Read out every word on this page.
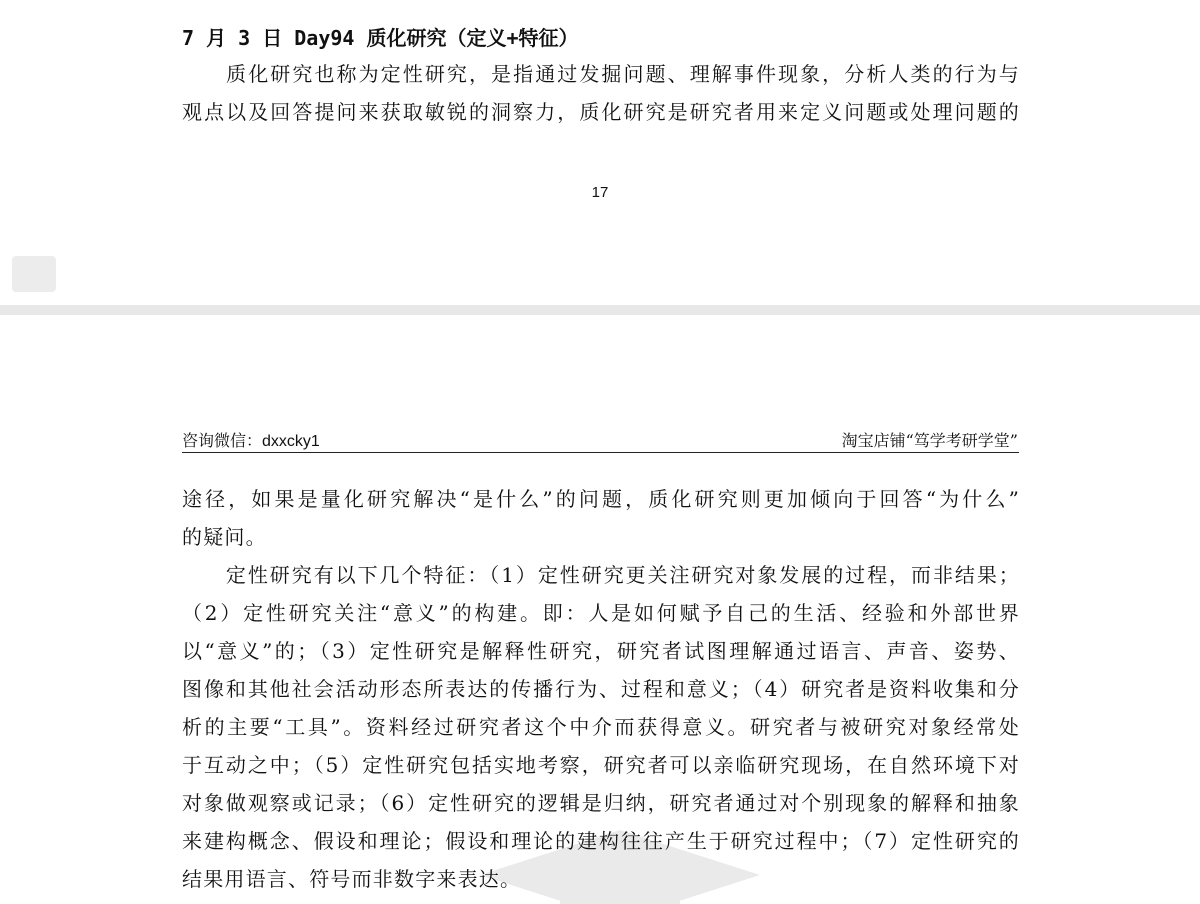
7 月 3 日 Day94 质化研究（定义+特征）
　　质化研究也称为定性研究，是指通过发掘问题、理解事件现象，分析人类的行为与
观点以及回答提问来获取敏锐的洞察力，质化研究是研究者用来定义问题或处理问题的
17
咨询微信：dxxcky1	淘宝店铺“笃学考研学堂”
途径，如果是量化研究解决“是什么”的问题，质化研究则更加倾向于回答“为什么”
的疑问。
　　定性研究有以下几个特征：（1）定性研究更关注研究对象发展的过程，而非结果；
（2）定性研究关注“意义”的构建。即：人是如何赋予自己的生活、经验和外部世界
以“意义”的；（3）定性研究是解释性研究，研究者试图理解通过语言、声音、姿势、
图像和其他社会活动形态所表达的传播行为、过程和意义；（4）研究者是资料收集和分
析的主要“工具”。资料经过研究者这个中介而获得意义。研究者与被研究对象经常处
于互动之中；（5）定性研究包括实地考察，研究者可以亲临研究现场，在自然环境下对
对象做观察或记录；（6）定性研究的逻辑是归纳，研究者通过对个别现象的解释和抽象
来建构概念、假设和理论；假设和理论的建构往往产生于研究过程中；（7）定性研究的
结果用语言、符号而非数字来表达。
